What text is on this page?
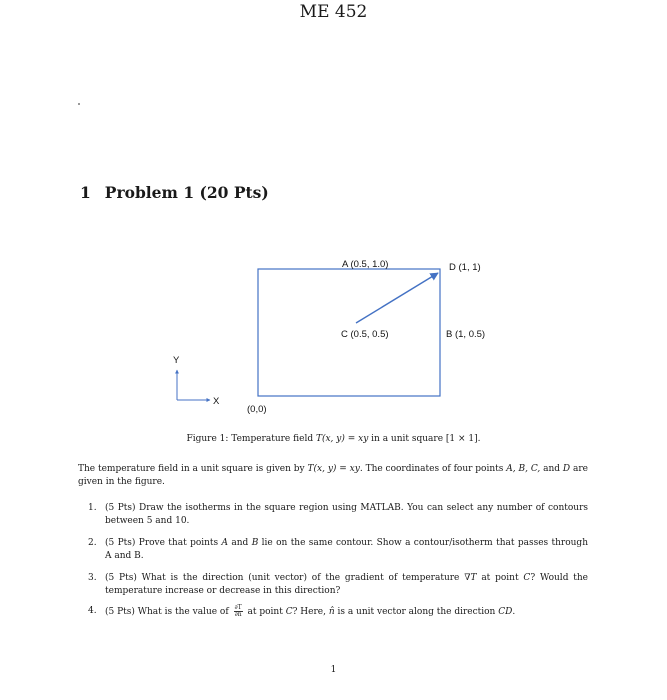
ME 452
1 Problem 1 (20 Pts)
A (0.5, 1.0)	D (1, 1)
C (0.5, 0.5)	B (1, 0.5)
(0,0)
X
Y
Figure 1: Temperature field T(x, y) = xy in a unit square [1 × 1].
The temperature field in a unit square is given by T(x, y) = xy. The coordinates of four points A, B, C, and D are given in the figure.
1. (5 Pts) Draw the isotherms in the square region using MATLAB. You can select any number of contours between 5 and 10.
2. (5 Pts) Prove that points A and B lie on the same contour. Show a contour/isotherm that passes through A and B.
3. (5 Pts) What is the direction (unit vector) of the gradient of temperature ∇T at point C? Would the temperature increase or decrease in this direction?
4. (5 Pts) What is the value of $\frac{\partial T}{\partial n}$ at point C? Here, n̂ is a unit vector along the direction CD.
1
